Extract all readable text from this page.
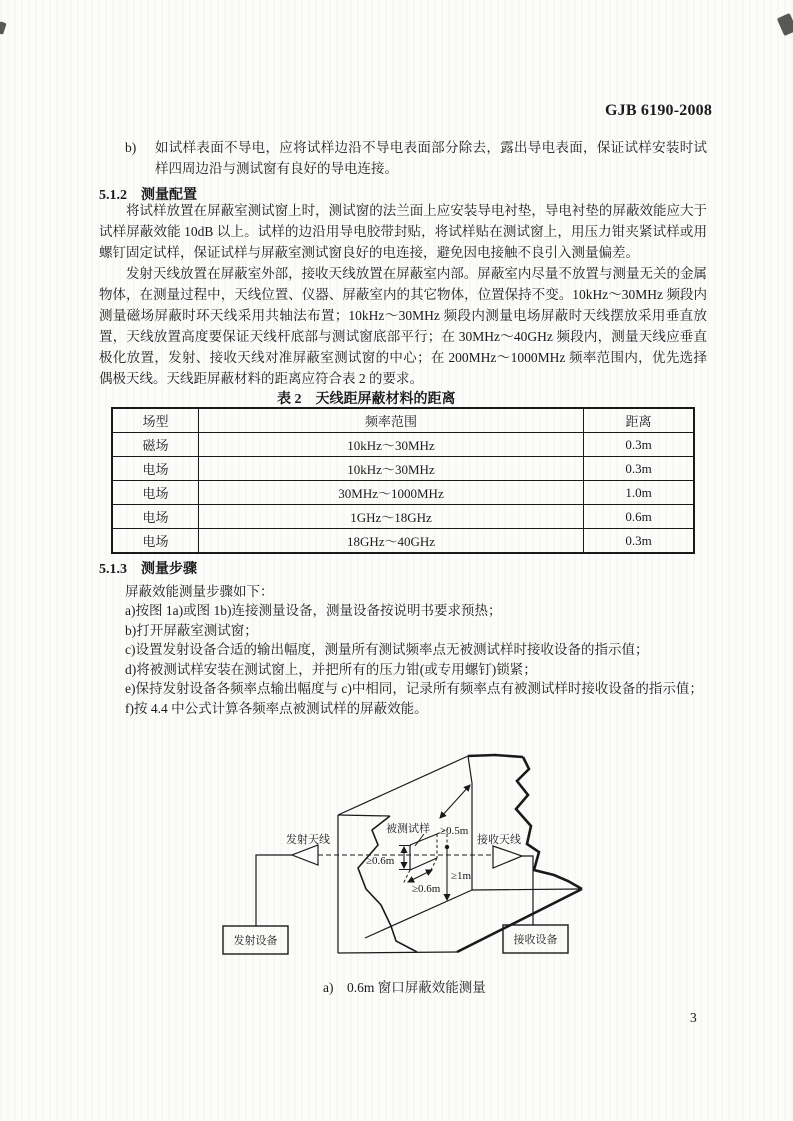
GJB 6190-2008
b)	如试样表面不导电，应将试样边沿不导电表面部分除去，露出导电表面，保证试样安装时试样四周边沿与测试窗有良好的导电连接。
5.1.2 测量配置
将试样放置在屏蔽室测试窗上时，测试窗的法兰面上应安装导电衬垫，导电衬垫的屏蔽效能应大于试样屏蔽效能 10dB 以上。试样的边沿用导电胶带封贴，将试样贴在测试窗上，用压力钳夹紧试样或用螺钉固定试样，保证试样与屏蔽室测试窗良好的电连接，避免因电接触不良引入测量偏差。
发射天线放置在屏蔽室外部，接收天线放置在屏蔽室内部。屏蔽室内尽量不放置与测量无关的金属物体，在测量过程中，天线位置、仪器、屏蔽室内的其它物体，位置保持不变。10kHz～30MHz 频段内测量磁场屏蔽时环天线采用共轴法布置；10kHz～30MHz 频段内测量电场屏蔽时天线摆放采用垂直放置，天线放置高度要保证天线杆底部与测试窗底部平行；在 30MHz～40GHz 频段内，测量天线应垂直极化放置，发射、接收天线对准屏蔽室测试窗的中心；在 200MHz～1000MHz 频率范围内，优先选择偶极天线。天线距屏蔽材料的距离应符合表 2 的要求。
表 2　天线距屏蔽材料的距离
场型	频率范围	距离
磁场	10kHz～30MHz	0.3m
电场	10kHz～30MHz	0.3m
电场	30MHz～1000MHz	1.0m
电场	1GHz～18GHz	0.6m
电场	18GHz～40GHz	0.3m
5.1.3 测量步骤
屏蔽效能测量步骤如下：
a) 按图 1a)或图 1b)连接测量设备，测量设备按说明书要求预热；
b) 打开屏蔽室测试窗；
c) 设置发射设备合适的输出幅度，测量所有测试频率点无被测试样时接收设备的指示值；
d) 将被测试样安装在测试窗上，并把所有的压力钳(或专用螺钉)锁紧；
e) 保持发射设备各频率点输出幅度与 c)中相同，记录所有频率点有被测试样时接收设备的指示值；
f) 按 4.4 中公式计算各频率点被测试样的屏蔽效能。
发射天线
发射设备
接收天线
接收设备
被测试样
≥0.6m
≥0.6m
≥0.5m
≥1m
a)　0.6m 窗口屏蔽效能测量
3
